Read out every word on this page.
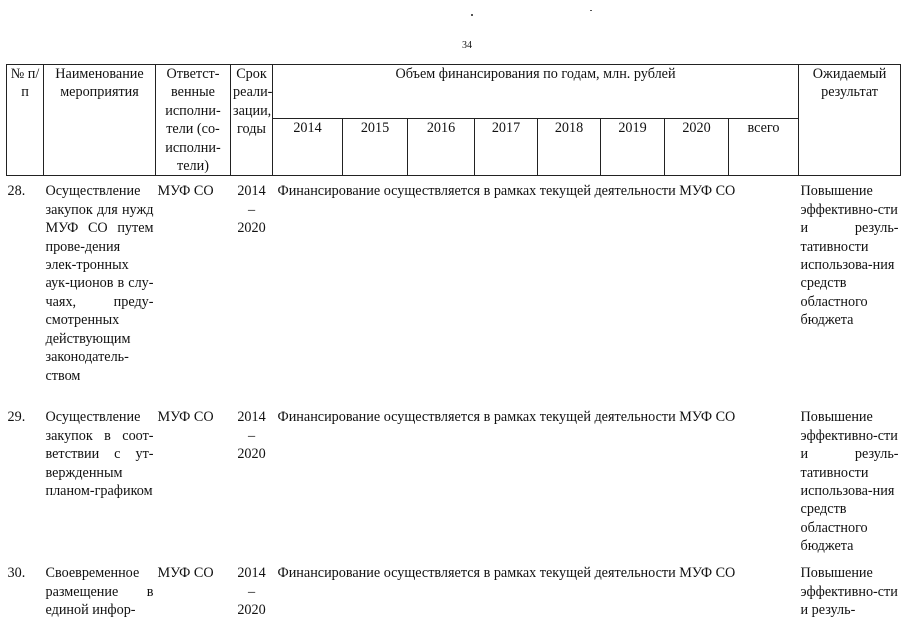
34
№ п/п	Наименование мероприятия	Ответст-венные исполни-тели (со-исполни-тели)	Срок реали-зации, годы	Объем финансирования по годам, млн. рублей								Ожидаемый результат
				2014	2015	2016	2017	2018	2019	2020	всего	
28.	Осуществление закупок для нужд МУФ СО путем прове-дения элек-тронных аук-ционов в слу-чаях, преду-смотренных действующим законодатель-ством	МУФ СО	2014 – 2020	Финансирование осуществляется в рамках текущей деятельности МУФ СО								Повышение эффективно-сти и резуль-тативности использова-ния средств областного бюджета
29.	Осуществление закупок в соот-ветствии с ут-вержденным планом-графиком	МУФ СО	2014 – 2020	Финансирование осуществляется в рамках текущей деятельности МУФ СО								Повышение эффективно-сти и резуль-тативности использова-ния средств областного бюджета
30.	Своевременное размещение в единой инфор-	МУФ СО	2014 – 2020	Финансирование осуществляется в рамках текущей деятельности МУФ СО								Повышение эффективно-сти и резуль-
